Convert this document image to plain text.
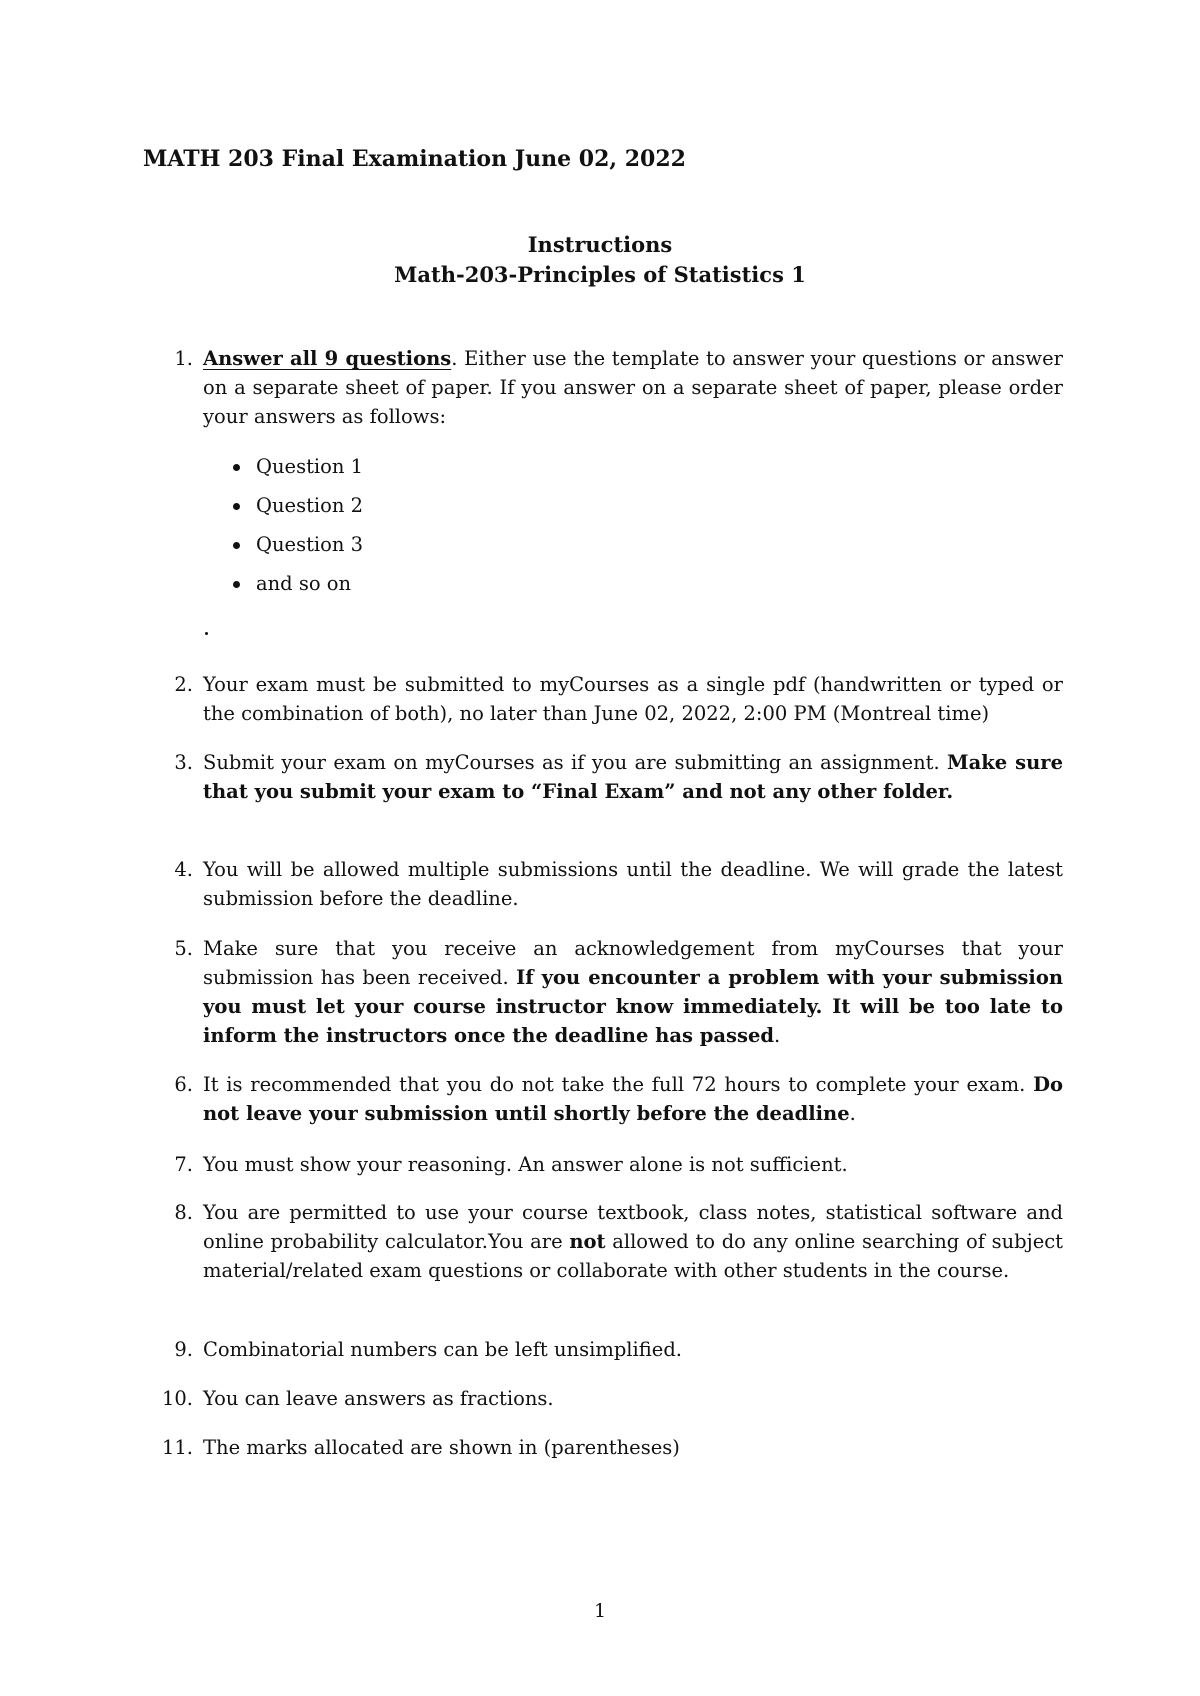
MATH 203 Final Examination June 02, 2022
Instructions
Math-203-Principles of Statistics 1
1. Answer all 9 questions. Either use the template to answer your questions or answer on a separate sheet of paper. If you answer on a separate sheet of paper, please order your answers as follows:
Question 1
Question 2
Question 3
and so on
2. Your exam must be submitted to myCourses as a single pdf (handwritten or typed or the combination of both), no later than June 02, 2022, 2:00 PM (Montreal time)
3. Submit your exam on myCourses as if you are submitting an assignment. Make sure that you submit your exam to “Final Exam” and not any other folder.
4. You will be allowed multiple submissions until the deadline. We will grade the latest submission before the deadline.
5. Make sure that you receive an acknowledgement from myCourses that your submission has been received. If you encounter a problem with your submission you must let your course instructor know immediately. It will be too late to inform the instructors once the deadline has passed.
6. It is recommended that you do not take the full 72 hours to complete your exam. Do not leave your submission until shortly before the deadline.
7. You must show your reasoning. An answer alone is not sufficient.
8. You are permitted to use your course textbook, class notes, statistical software and online probability calculator.You are not allowed to do any online searching of subject material/related exam questions or collaborate with other students in the course.
9. Combinatorial numbers can be left unsimplified.
10. You can leave answers as fractions.
11. The marks allocated are shown in (parentheses)
1
